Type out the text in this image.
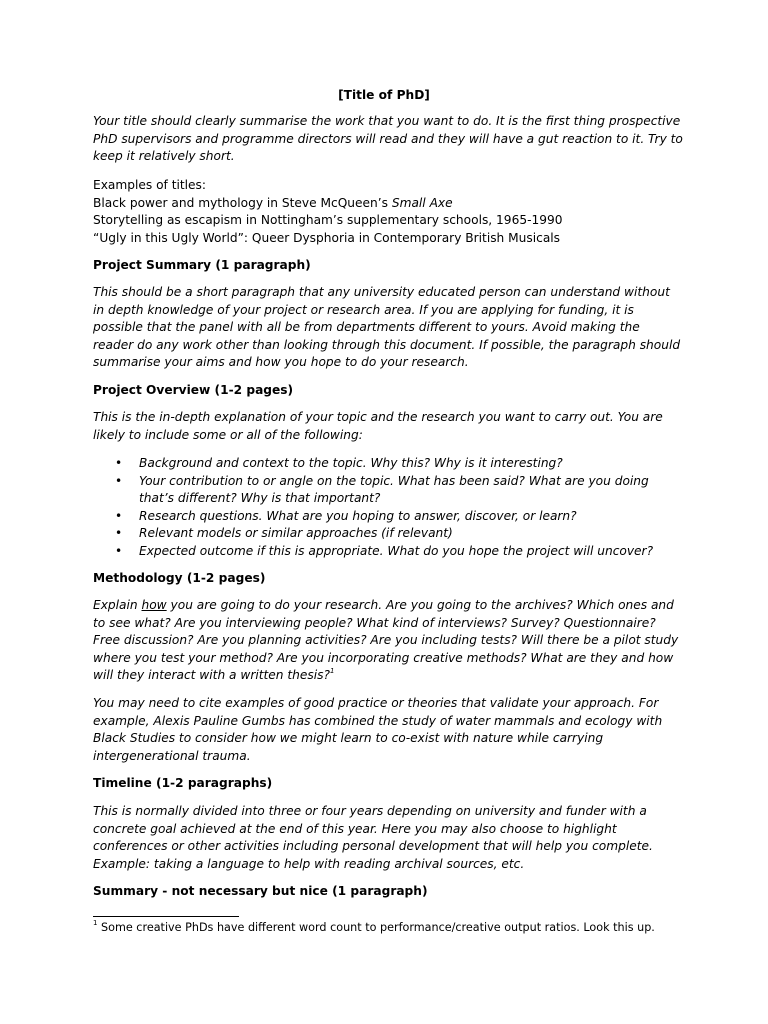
[Title of PhD]

Your title should clearly summarise the work that you want to do. It is the first thing prospective PhD supervisors and programme directors will read and they will have a gut reaction to it. Try to keep it relatively short.

Examples of titles:
Black power and mythology in Steve McQueen’s Small Axe
Storytelling as escapism in Nottingham’s supplementary schools, 1965-1990
“Ugly in this Ugly World”: Queer Dysphoria in Contemporary British Musicals

Project Summary (1 paragraph)

This should be a short paragraph that any university educated person can understand without in depth knowledge of your project or research area. If you are applying for funding, it is possible that the panel with all be from departments different to yours. Avoid making the reader do any work other than looking through this document. If possible, the paragraph should summarise your aims and how you hope to do your research.

Project Overview (1-2 pages)

This is the in-depth explanation of your topic and the research you want to carry out. You are likely to include some or all of the following:

• Background and context to the topic. Why this? Why is it interesting?
• Your contribution to or angle on the topic. What has been said? What are you doing that’s different? Why is that important?
• Research questions. What are you hoping to answer, discover, or learn?
• Relevant models or similar approaches (if relevant)
• Expected outcome if this is appropriate. What do you hope the project will uncover?

Methodology (1-2 pages)

Explain how you are going to do your research. Are you going to the archives? Which ones and to see what? Are you interviewing people? What kind of interviews? Survey? Questionnaire? Free discussion? Are you planning activities? Are you including tests? Will there be a pilot study where you test your method? Are you incorporating creative methods? What are they and how will they interact with a written thesis?$^1$

You may need to cite examples of good practice or theories that validate your approach. For example, Alexis Pauline Gumbs has combined the study of water mammals and ecology with Black Studies to consider how we might learn to co-exist with nature while carrying intergenerational trauma.

Timeline (1-2 paragraphs)

This is normally divided into three or four years depending on university and funder with a concrete goal achieved at the end of this year. Here you may also choose to highlight conferences or other activities including personal development that will help you complete. Example: taking a language to help with reading archival sources, etc.

Summary - not necessary but nice (1 paragraph)

$^1$ Some creative PhDs have different word count to performance/creative output ratios. Look this up.
